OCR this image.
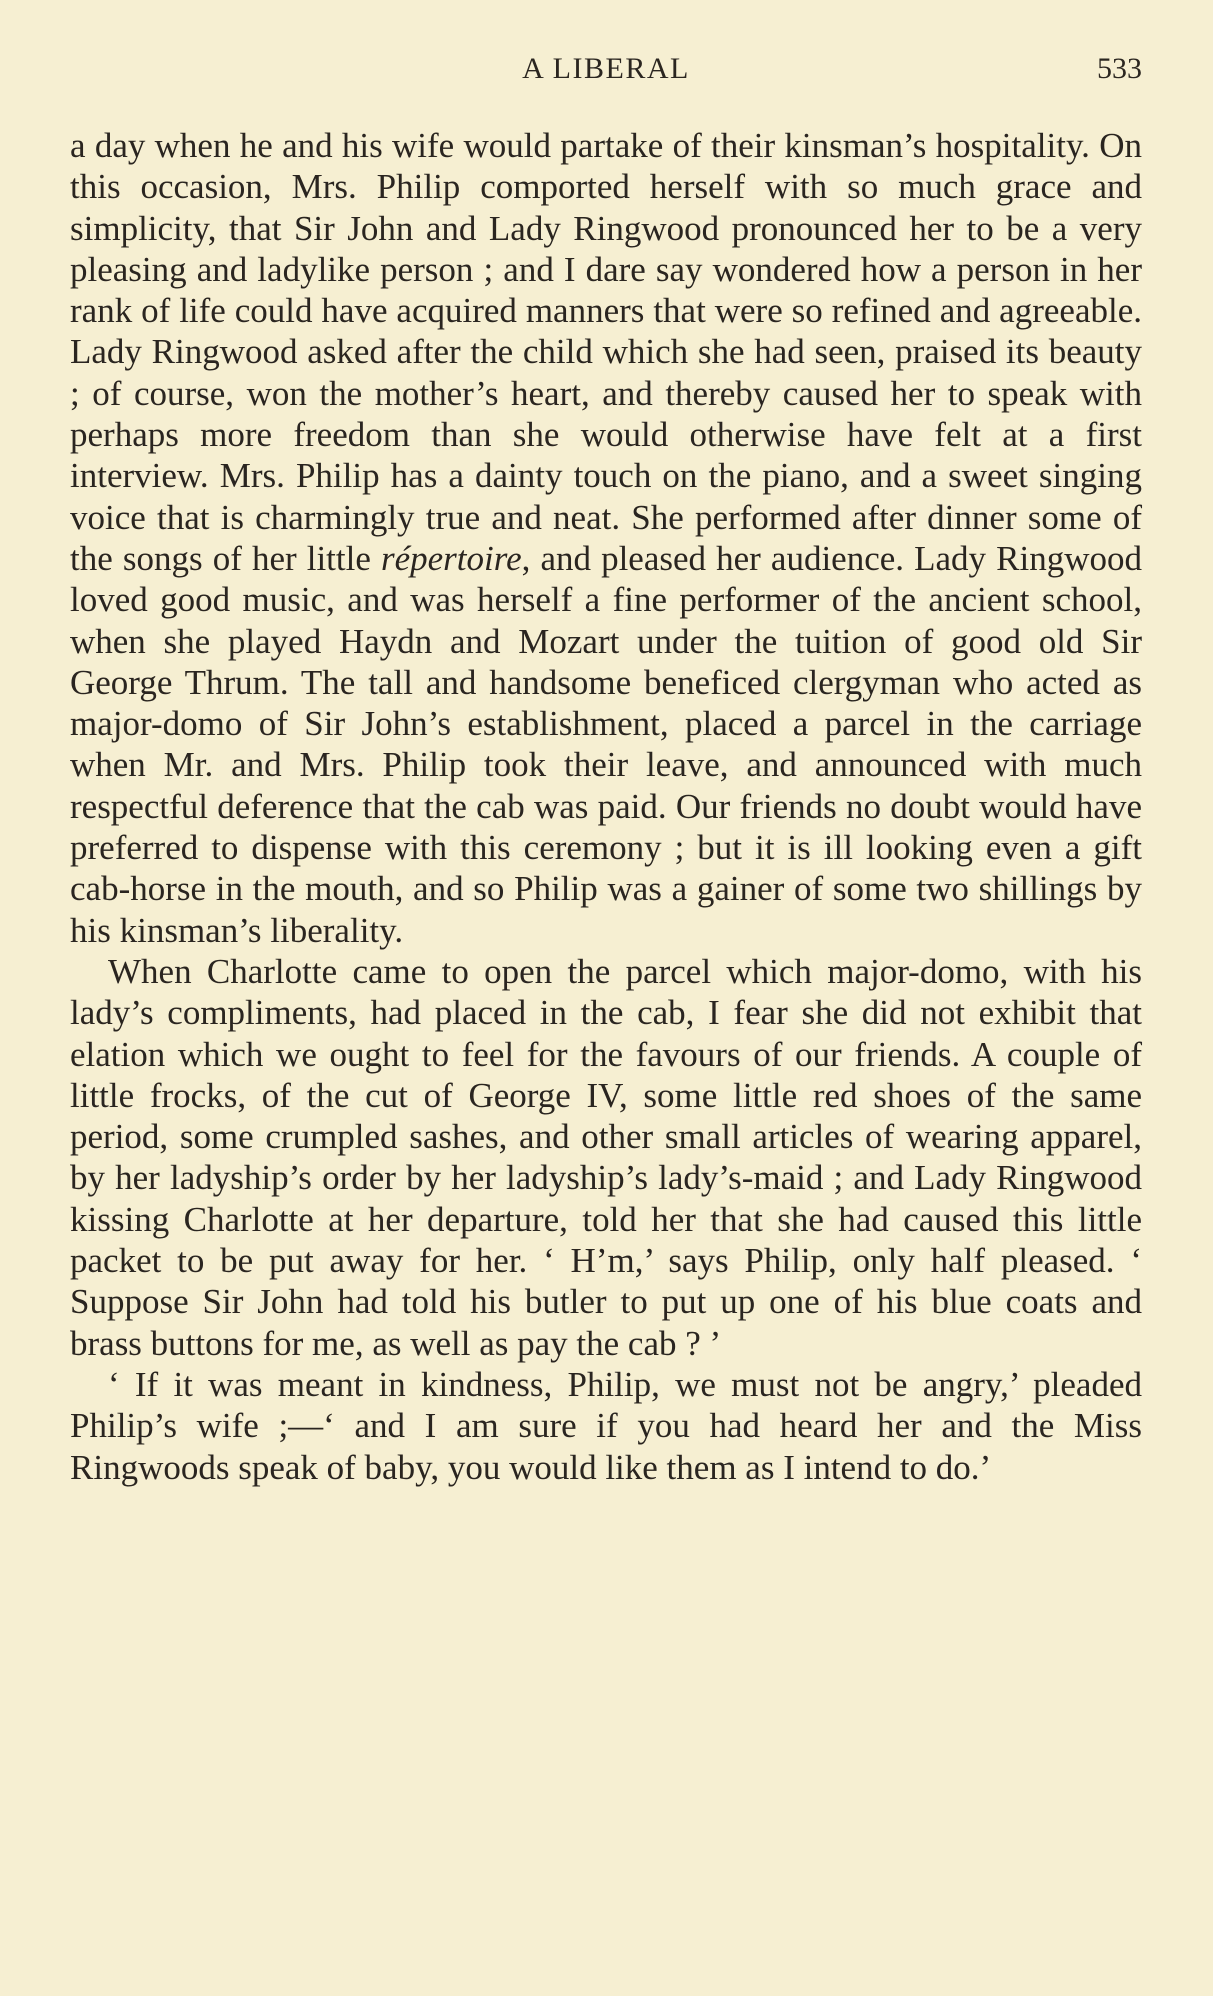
A LIBERAL	533

a day when he and his wife would partake of their kinsman’s hospitality. On this occasion, Mrs. Philip comported herself with so much grace and simplicity, that Sir John and Lady Ringwood pronounced her to be a very pleasing and ladylike person ; and I dare say wondered how a person in her rank of life could have acquired manners that were so refined and agreeable. Lady Ringwood asked after the child which she had seen, praised its beauty ; of course, won the mother’s heart, and thereby caused her to speak with perhaps more freedom than she would otherwise have felt at a first interview. Mrs. Philip has a dainty touch on the piano, and a sweet singing voice that is charmingly true and neat. She performed after dinner some of the songs of her little répertoire, and pleased her audience. Lady Ringwood loved good music, and was herself a fine performer of the ancient school, when she played Haydn and Mozart under the tuition of good old Sir George Thrum. The tall and handsome beneficed clergyman who acted as major-domo of Sir John’s establishment, placed a parcel in the carriage when Mr. and Mrs. Philip took their leave, and announced with much respectful deference that the cab was paid. Our friends no doubt would have preferred to dispense with this ceremony ; but it is ill looking even a gift cab-horse in the mouth, and so Philip was a gainer of some two shillings by his kinsman’s liberality.

When Charlotte came to open the parcel which major-domo, with his lady’s compliments, had placed in the cab, I fear she did not exhibit that elation which we ought to feel for the favours of our friends. A couple of little frocks, of the cut of George IV, some little red shoes of the same period, some crumpled sashes, and other small articles of wearing apparel, by her ladyship’s order by her ladyship’s lady’s-maid ; and Lady Ringwood kissing Charlotte at her departure, told her that she had caused this little packet to be put away for her. ‘ H’m,’ says Philip, only half pleased. ‘ Suppose Sir John had told his butler to put up one of his blue coats and brass buttons for me, as well as pay the cab ? ’

‘ If it was meant in kindness, Philip, we must not be angry,’ pleaded Philip’s wife ;—‘ and I am sure if you had heard her and the Miss Ringwoods speak of baby, you would like them as I intend to do.’
